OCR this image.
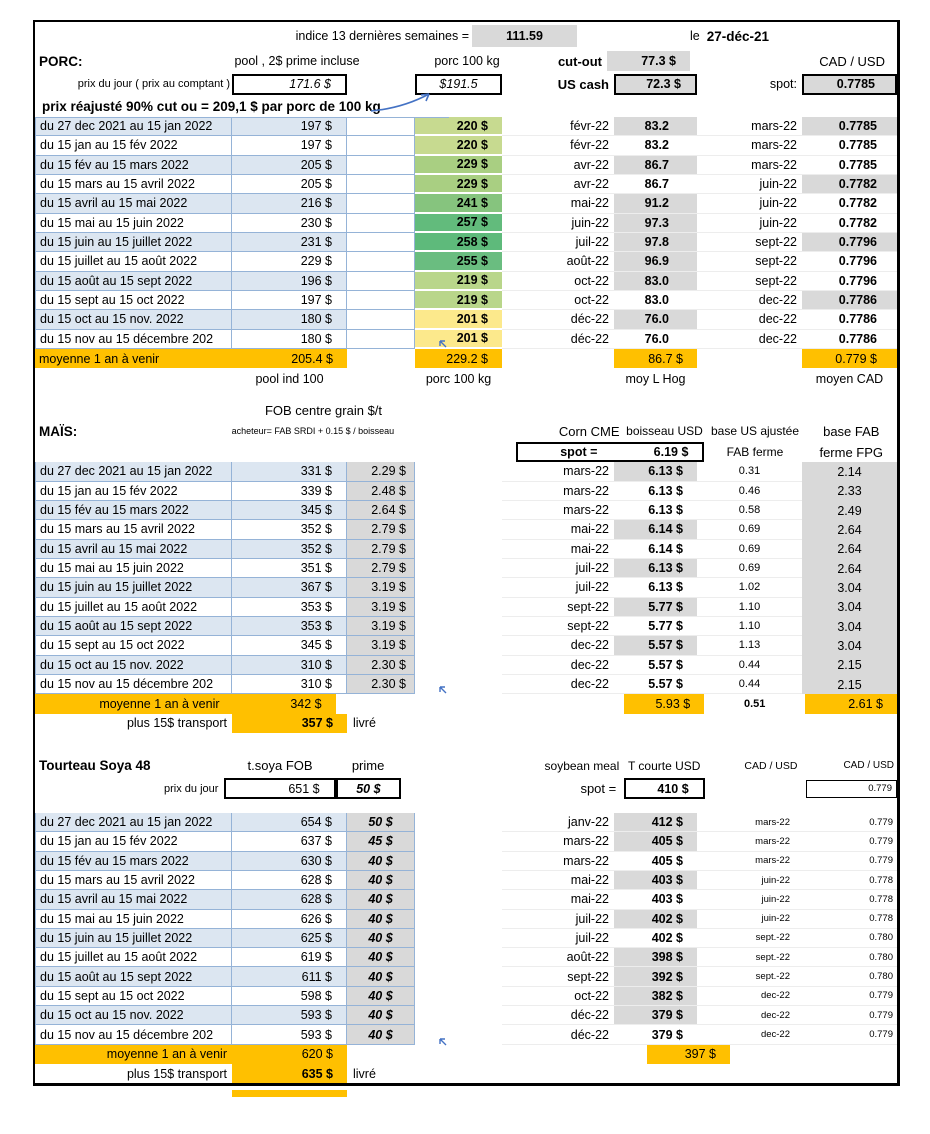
indice 13 dernières semaines =	111.59	le 27-déc-21
PORC:	pool , 2$ prime incluse	porc 100 kg	cut-out	77.3 $	CAD / USD
prix du jour ( prix au comptant )	171.6 $	$191.5	US cash	72.3 $	spot:	0.7785
prix réajusté 90% cut ou = 209,1 $ par porc de 100 kg
du 27 dec 2021 au 15 jan 2022	197 $	220 $	févr-22	83.2	mars-22	0.7785
du 15 jan au 15 fév 2022	197 $	220 $	févr-22	83.2	mars-22	0.7785
du 15 fév au 15 mars 2022	205 $	229 $	avr-22	86.7	mars-22	0.7785
du 15 mars au 15 avril 2022	205 $	229 $	avr-22	86.7	juin-22	0.7782
du 15 avril au 15 mai 2022	216 $	241 $	mai-22	91.2	juin-22	0.7782
du 15 mai au 15 juin 2022	230 $	257 $	juin-22	97.3	juin-22	0.7782
du 15 juin au 15 juillet 2022	231 $	258 $	juil-22	97.8	sept-22	0.7796
du 15 juillet au 15 août 2022	229 $	255 $	août-22	96.9	sept-22	0.7796
du 15 août au 15 sept 2022	196 $	219 $	oct-22	83.0	sept-22	0.7796
du 15 sept au 15 oct 2022	197 $	219 $	oct-22	83.0	dec-22	0.7786
du 15 oct au 15 nov. 2022	180 $	201 $	déc-22	76.0	dec-22	0.7786
du 15 nov au 15 décembre 202	180 $	201 $	déc-22	76.0	dec-22	0.7786
moyenne 1 an à venir	205.4 $	229.2 $	86.7 $	0.779 $
pool ind 100	porc 100 kg	moy L Hog	moyen CAD
FOB centre grain $/t
MAÏS:	acheteur= FAB SRDI + 0.15 $ / boisseau	Corn CME boisseau USD base US ajustée	base FAB
spot =	6.19 $	FAB ferme	ferme FPG
du 27 dec 2021 au 15 jan 2022	331 $	2.29 $	mars-22	6.13 $	0.31	2.14
du 15 jan au 15 fév 2022	339 $	2.48 $	mars-22	6.13 $	0.46	2.33
du 15 fév au 15 mars 2022	345 $	2.64 $	mars-22	6.13 $	0.58	2.49
du 15 mars au 15 avril 2022	352 $	2.79 $	mai-22	6.14 $	0.69	2.64
du 15 avril au 15 mai 2022	352 $	2.79 $	mai-22	6.14 $	0.69	2.64
du 15 mai au 15 juin 2022	351 $	2.79 $	juil-22	6.13 $	0.69	2.64
du 15 juin au 15 juillet 2022	367 $	3.19 $	juil-22	6.13 $	1.02	3.04
du 15 juillet au 15 août 2022	353 $	3.19 $	sept-22	5.77 $	1.10	3.04
du 15 août au 15 sept 2022	353 $	3.19 $	sept-22	5.77 $	1.10	3.04
du 15 sept au 15 oct 2022	345 $	3.19 $	dec-22	5.57 $	1.13	3.04
du 15 oct au 15 nov. 2022	310 $	2.30 $	dec-22	5.57 $	0.44	2.15
du 15 nov au 15 décembre 202	310 $	2.30 $	dec-22	5.57 $	0.44	2.15
moyenne 1 an à venir	342 $	5.93 $	0.51	2.61 $
plus 15$ transport	357 $	livré
Tourteau Soya 48	t.soya FOB	prime	soybean meal T courte USD	CAD / USD	CAD / USD
prix du jour	651 $	50 $	spot =	410 $	0.779
du 27 dec 2021 au 15 jan 2022	654 $	50 $	janv-22	412 $	mars-22	0.779
du 15 jan au 15 fév 2022	637 $	45 $	mars-22	405 $	mars-22	0.779
du 15 fév au 15 mars 2022	630 $	40 $	mars-22	405 $	mars-22	0.779
du 15 mars au 15 avril 2022	628 $	40 $	mai-22	403 $	juin-22	0.778
du 15 avril au 15 mai 2022	628 $	40 $	mai-22	403 $	juin-22	0.778
du 15 mai au 15 juin 2022	626 $	40 $	juil-22	402 $	juin-22	0.778
du 15 juin au 15 juillet 2022	625 $	40 $	juil-22	402 $	sept.-22	0.780
du 15 juillet au 15 août 2022	619 $	40 $	août-22	398 $	sept.-22	0.780
du 15 août au 15 sept 2022	611 $	40 $	sept-22	392 $	sept.-22	0.780
du 15 sept au 15 oct 2022	598 $	40 $	oct-22	382 $	dec-22	0.779
du 15 oct au 15 nov. 2022	593 $	40 $	déc-22	379 $	dec-22	0.779
du 15 nov au 15 décembre 202	593 $	40 $	déc-22	379 $	dec-22	0.779
moyenne 1 an à venir	620 $	397 $
plus 15$ transport	635 $	livré
